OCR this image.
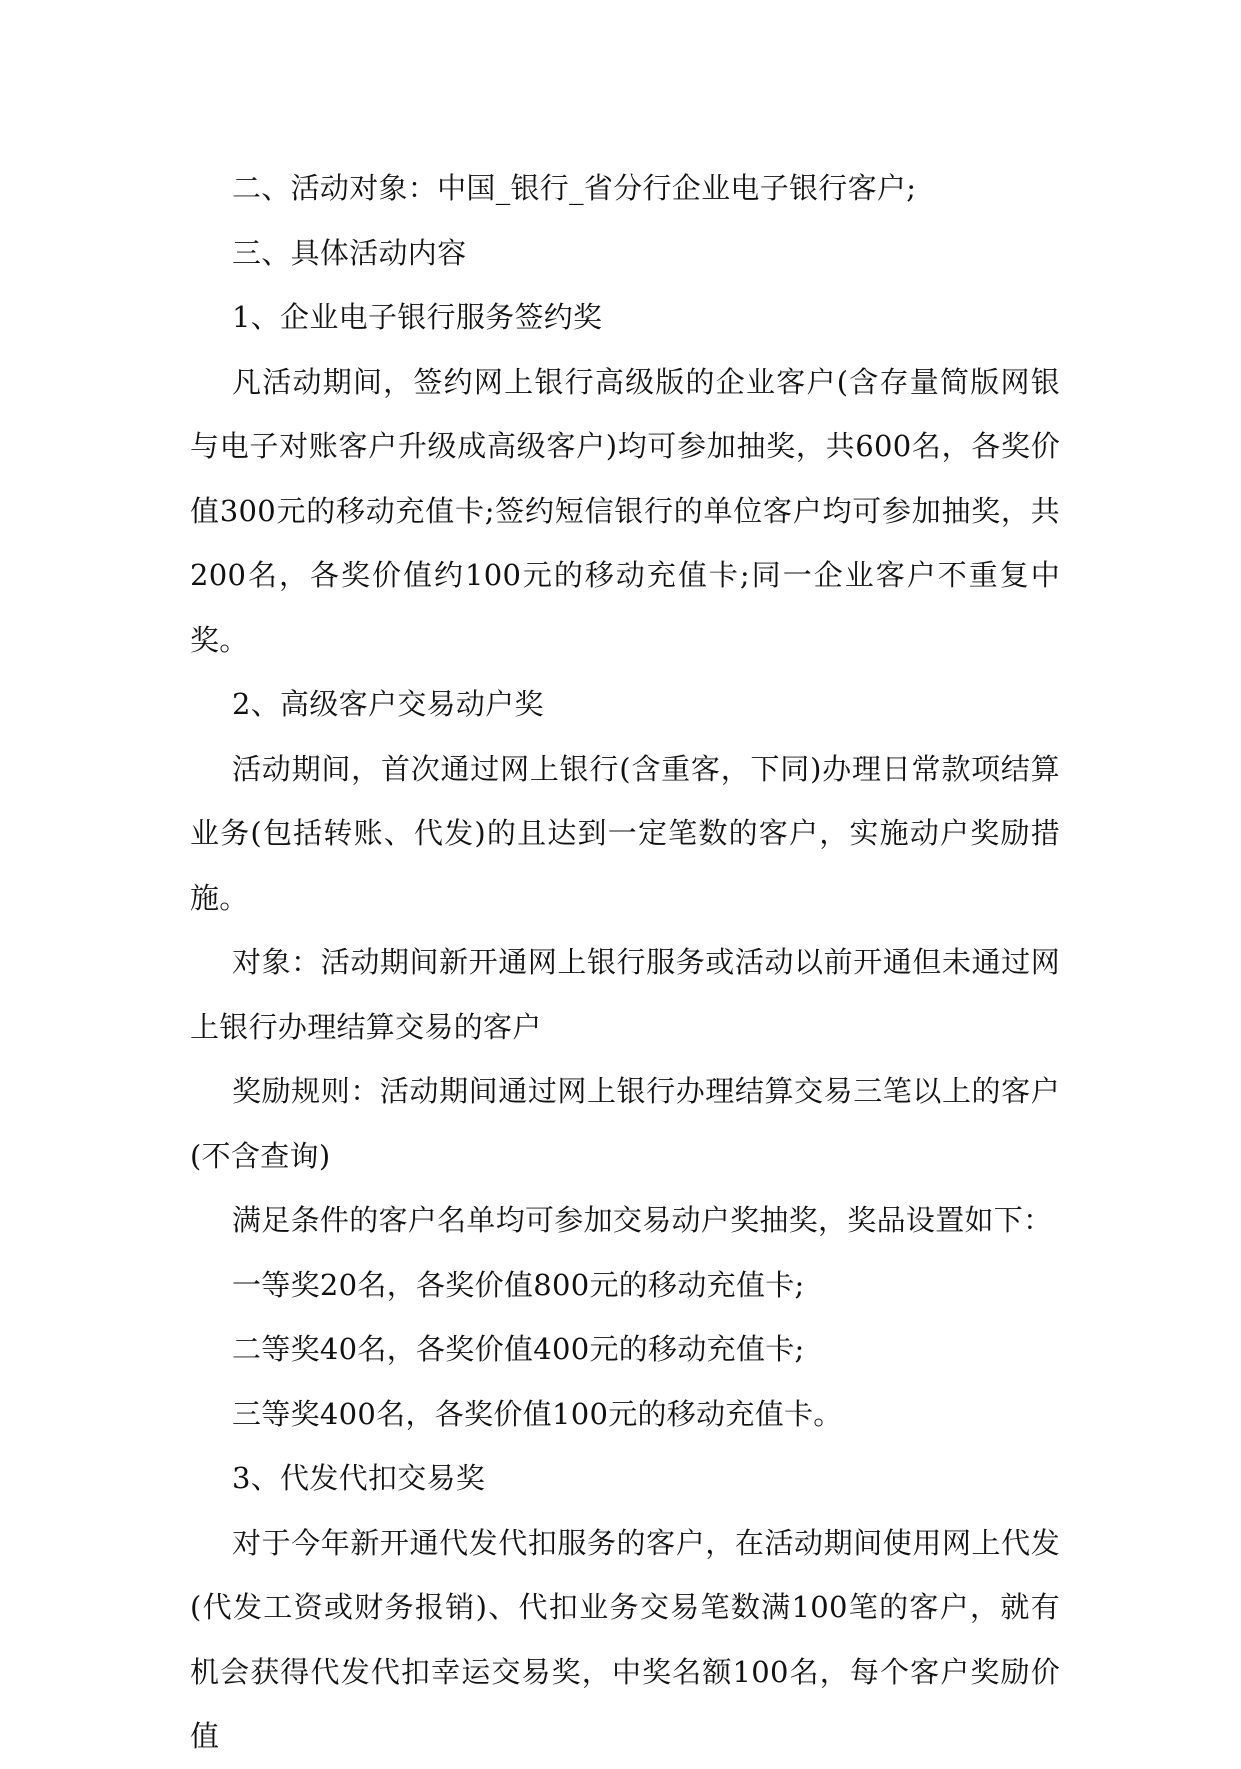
二、活动对象：中国_银行_省分行企业电子银行客户;

三、具体活动内容

1、企业电子银行服务签约奖

凡活动期间，签约网上银行高级版的企业客户(含存量简版网银与电子对账客户升级成高级客户)均可参加抽奖，共600名，各奖价值300元的移动充值卡;签约短信银行的单位客户均可参加抽奖，共200名，各奖价值约100元的移动充值卡;同一企业客户不重复中奖。

2、高级客户交易动户奖

活动期间，首次通过网上银行(含重客，下同)办理日常款项结算业务(包括转账、代发)的且达到一定笔数的客户，实施动户奖励措施。

对象：活动期间新开通网上银行服务或活动以前开通但未通过网上银行办理结算交易的客户

奖励规则：活动期间通过网上银行办理结算交易三笔以上的客户(不含查询)

满足条件的客户名单均可参加交易动户奖抽奖，奖品设置如下：

一等奖20名，各奖价值800元的移动充值卡;

二等奖40名，各奖价值400元的移动充值卡;

三等奖400名，各奖价值100元的移动充值卡。

3、代发代扣交易奖

对于今年新开通代发代扣服务的客户，在活动期间使用网上代发(代发工资或财务报销)、代扣业务交易笔数满100笔的客户，就有机会获得代发代扣幸运交易奖，中奖名额100名，每个客户奖励价值
